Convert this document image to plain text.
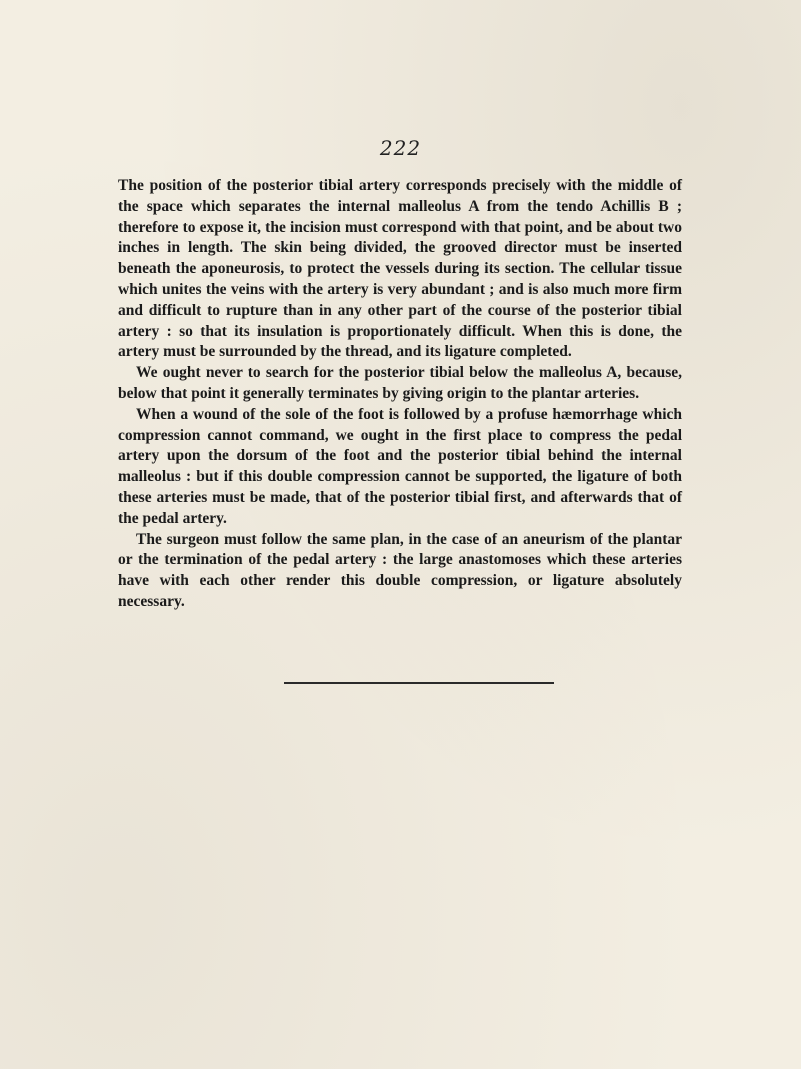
222

The position of the posterior tibial artery corresponds precisely with the middle of the space which separates the internal malleolus A from the tendo Achillis B ; therefore to expose it, the incision must correspond with that point, and be about two inches in length. The skin being divided, the grooved director must be inserted beneath the aponeurosis, to protect the vessels during its section. The cellular tissue which unites the veins with the artery is very abundant ; and is also much more firm and difficult to rupture than in any other part of the course of the posterior tibial artery : so that its insulation is proportionately difficult. When this is done, the artery must be surrounded by the thread, and its ligature completed.

We ought never to search for the posterior tibial below the malleolus A, because, below that point it generally terminates by giving origin to the plantar arteries.

When a wound of the sole of the foot is followed by a profuse hæmorrhage which compression cannot command, we ought in the first place to compress the pedal artery upon the dorsum of the foot and the posterior tibial behind the internal malleolus : but if this double compression cannot be supported, the ligature of both these arteries must be made, that of the posterior tibial first, and afterwards that of the pedal artery.

The surgeon must follow the same plan, in the case of an aneurism of the plantar or the termination of the pedal artery : the large anastomoses which these arteries have with each other render this double compression, or ligature absolutely necessary.
